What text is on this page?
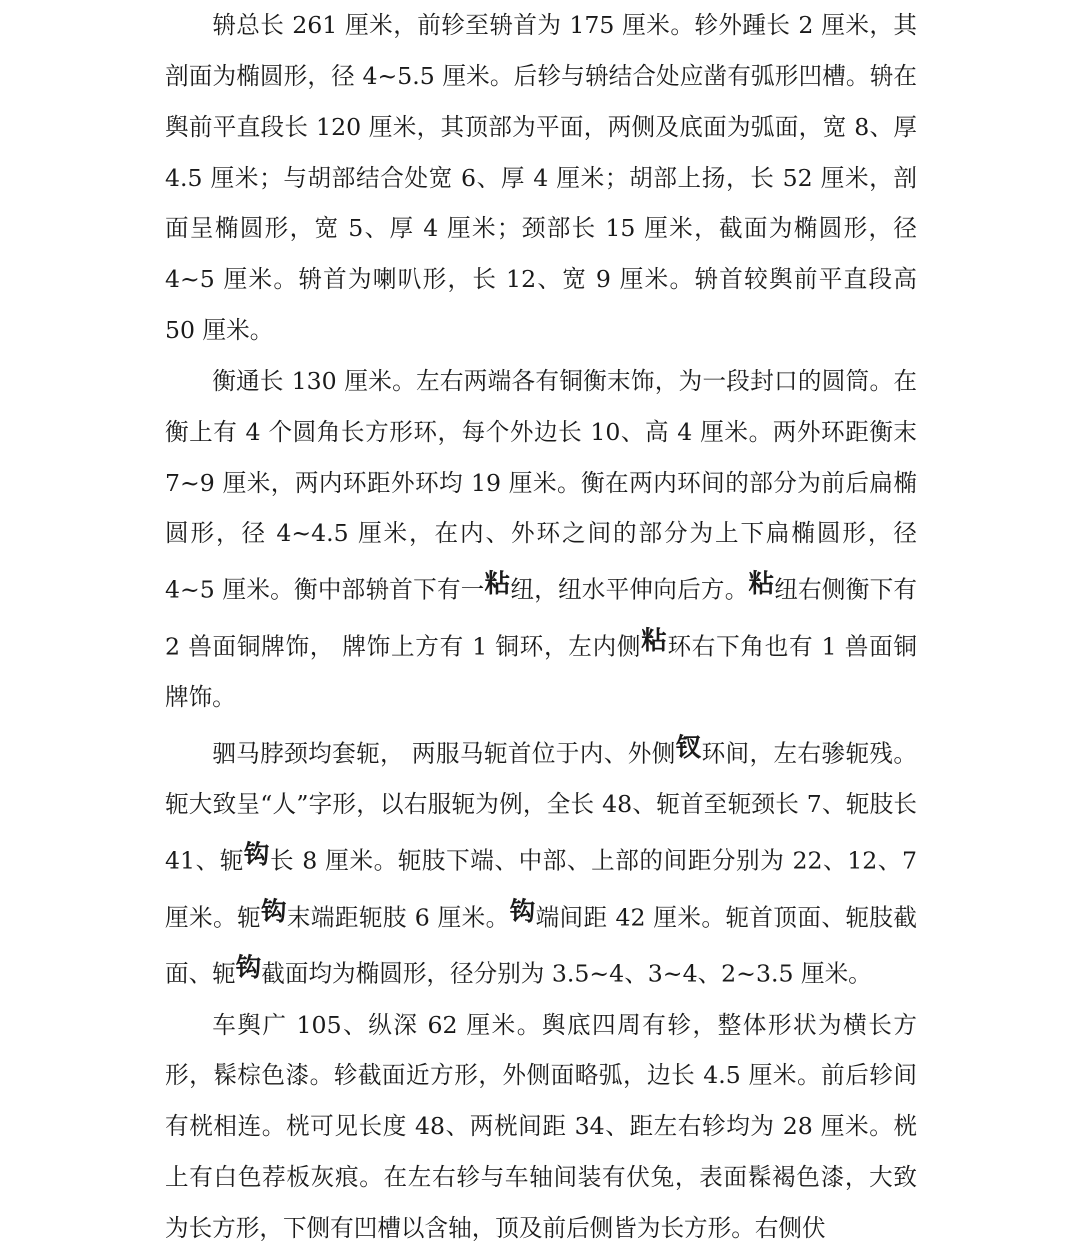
辀总长 261 厘米，前轸至辀首为 175 厘米。轸外踵长 2 厘米，其剖面为椭圆形，径 4~5.5 厘米。后轸与辀结合处应凿有弧形凹槽。辀在舆前平直段长 120 厘米，其顶部为平面，两侧及底面为弧面，宽 8、厚 4.5 厘米；与胡部结合处宽 6、厚 4 厘米；胡部上扬，长 52 厘米，剖面呈椭圆形，宽 5、厚 4 厘米；颈部长 15 厘米，截面为椭圆形，径 4~5 厘米。辀首为喇叭形，长 12、宽 9 厘米。辀首较舆前平直段高 50 厘米。

衡通长 130 厘米。左右两端各有铜衡末饰，为一段封口的圆筒。在衡上有 4 个圆角长方形环，每个外边长 10、高 4 厘米。两外环距衡末 7~9 厘米，两内环距外环均 19 厘米。衡在两内环间的部分为前后扁椭圆形，径 4~4.5 厘米，在内、外环之间的部分为上下扁椭圆形，径 4~5 厘米。衡中部辀首下有一粘纽，纽水平伸向后方。粘纽右侧衡下有 2 兽面铜牌饰， 牌饰上方有 1 铜环，左内侧粘环右下角也有 1 兽面铜牌饰。

驷马脖颈均套轭， 两服马轭首位于内、外侧钗环间，左右骖轭残。轭大致呈“人”字形，以右服轭为例，全长 48、轭首至轭颈长 7、轭肢长 41、轭钩长 8 厘米。轭肢下端、中部、上部的间距分别为 22、12、7 厘米。轭钩末端距轭肢 6 厘米。钩端间距 42 厘米。轭首顶面、轭肢截面、轭钩截面均为椭圆形，径分别为 3.5~4、3~4、2~3.5 厘米。

车舆广 105、纵深 62 厘米。舆底四周有轸，整体形状为横长方形，髹棕色漆。轸截面近方形，外侧面略弧，边长 4.5 厘米。前后轸间有桄相连。桄可见长度 48、两桄间距 34、距左右轸均为 28 厘米。桄上有白色荐板灰痕。在左右轸与车轴间装有伏兔，表面髹褐色漆，大致为长方形，下侧有凹槽以含轴，顶及前后侧皆为长方形。右侧伏
